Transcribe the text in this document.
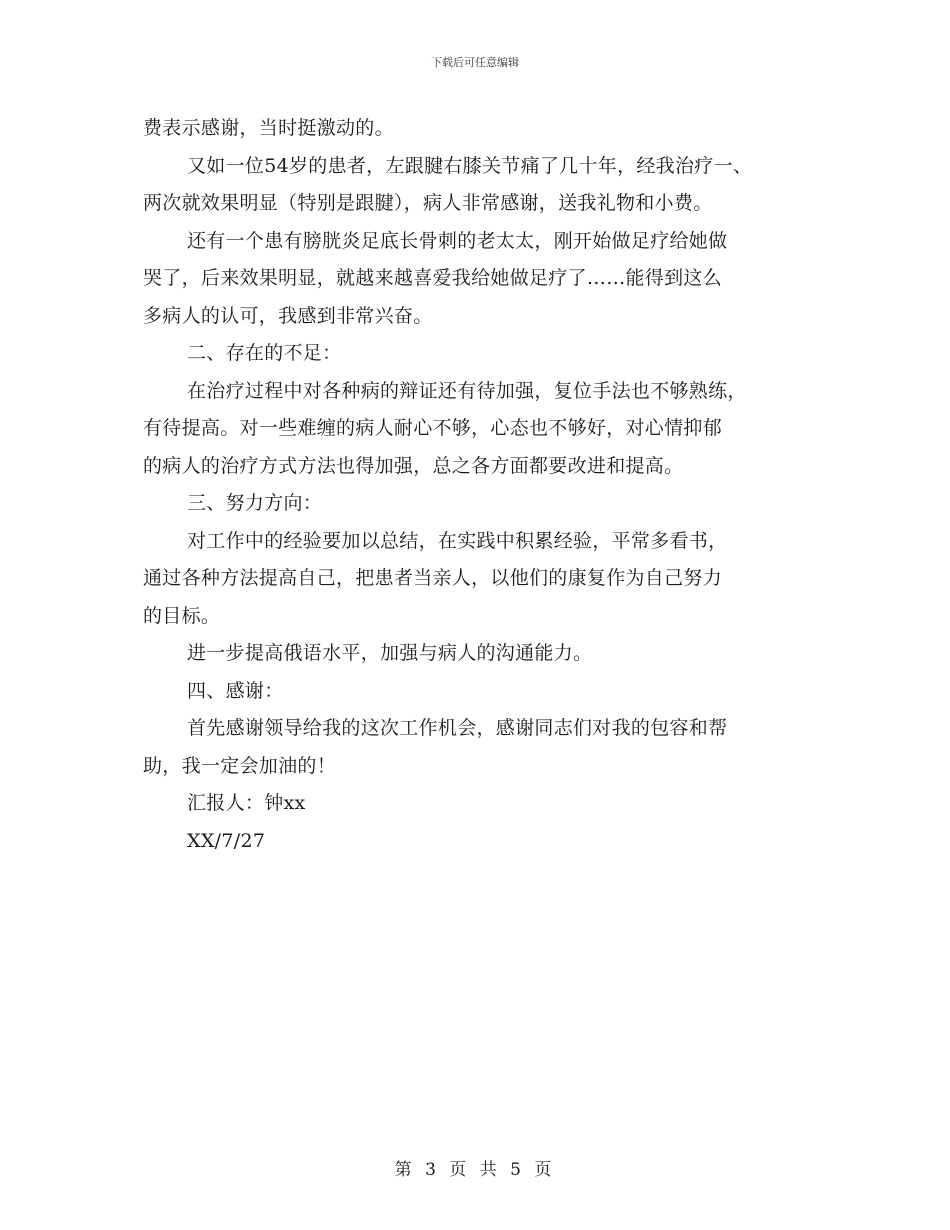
下载后可任意编辑
费表示感谢，当时挺激动的。
又如一位54岁的患者，左跟腱右膝关节痛了几十年，经我治疗一、
两次就效果明显（特别是跟腱），病人非常感谢，送我礼物和小费。
还有一个患有膀胱炎足底长骨刺的老太太，刚开始做足疗给她做
哭了，后来效果明显，就越来越喜爱我给她做足疗了……能得到这么
多病人的认可，我感到非常兴奋。
二、存在的不足：
在治疗过程中对各种病的辩证还有待加强，复位手法也不够熟练，
有待提高。对一些难缠的病人耐心不够，心态也不够好，对心情抑郁
的病人的治疗方式方法也得加强，总之各方面都要改进和提高。
三、努力方向：
对工作中的经验要加以总结，在实践中积累经验，平常多看书，
通过各种方法提高自己，把患者当亲人，以他们的康复作为自己努力
的目标。
进一步提高俄语水平，加强与病人的沟通能力。
四、感谢：
首先感谢领导给我的这次工作机会，感谢同志们对我的包容和帮
助，我一定会加油的！
汇报人：钟xx
XX/7/27
第 3 页 共 5 页
